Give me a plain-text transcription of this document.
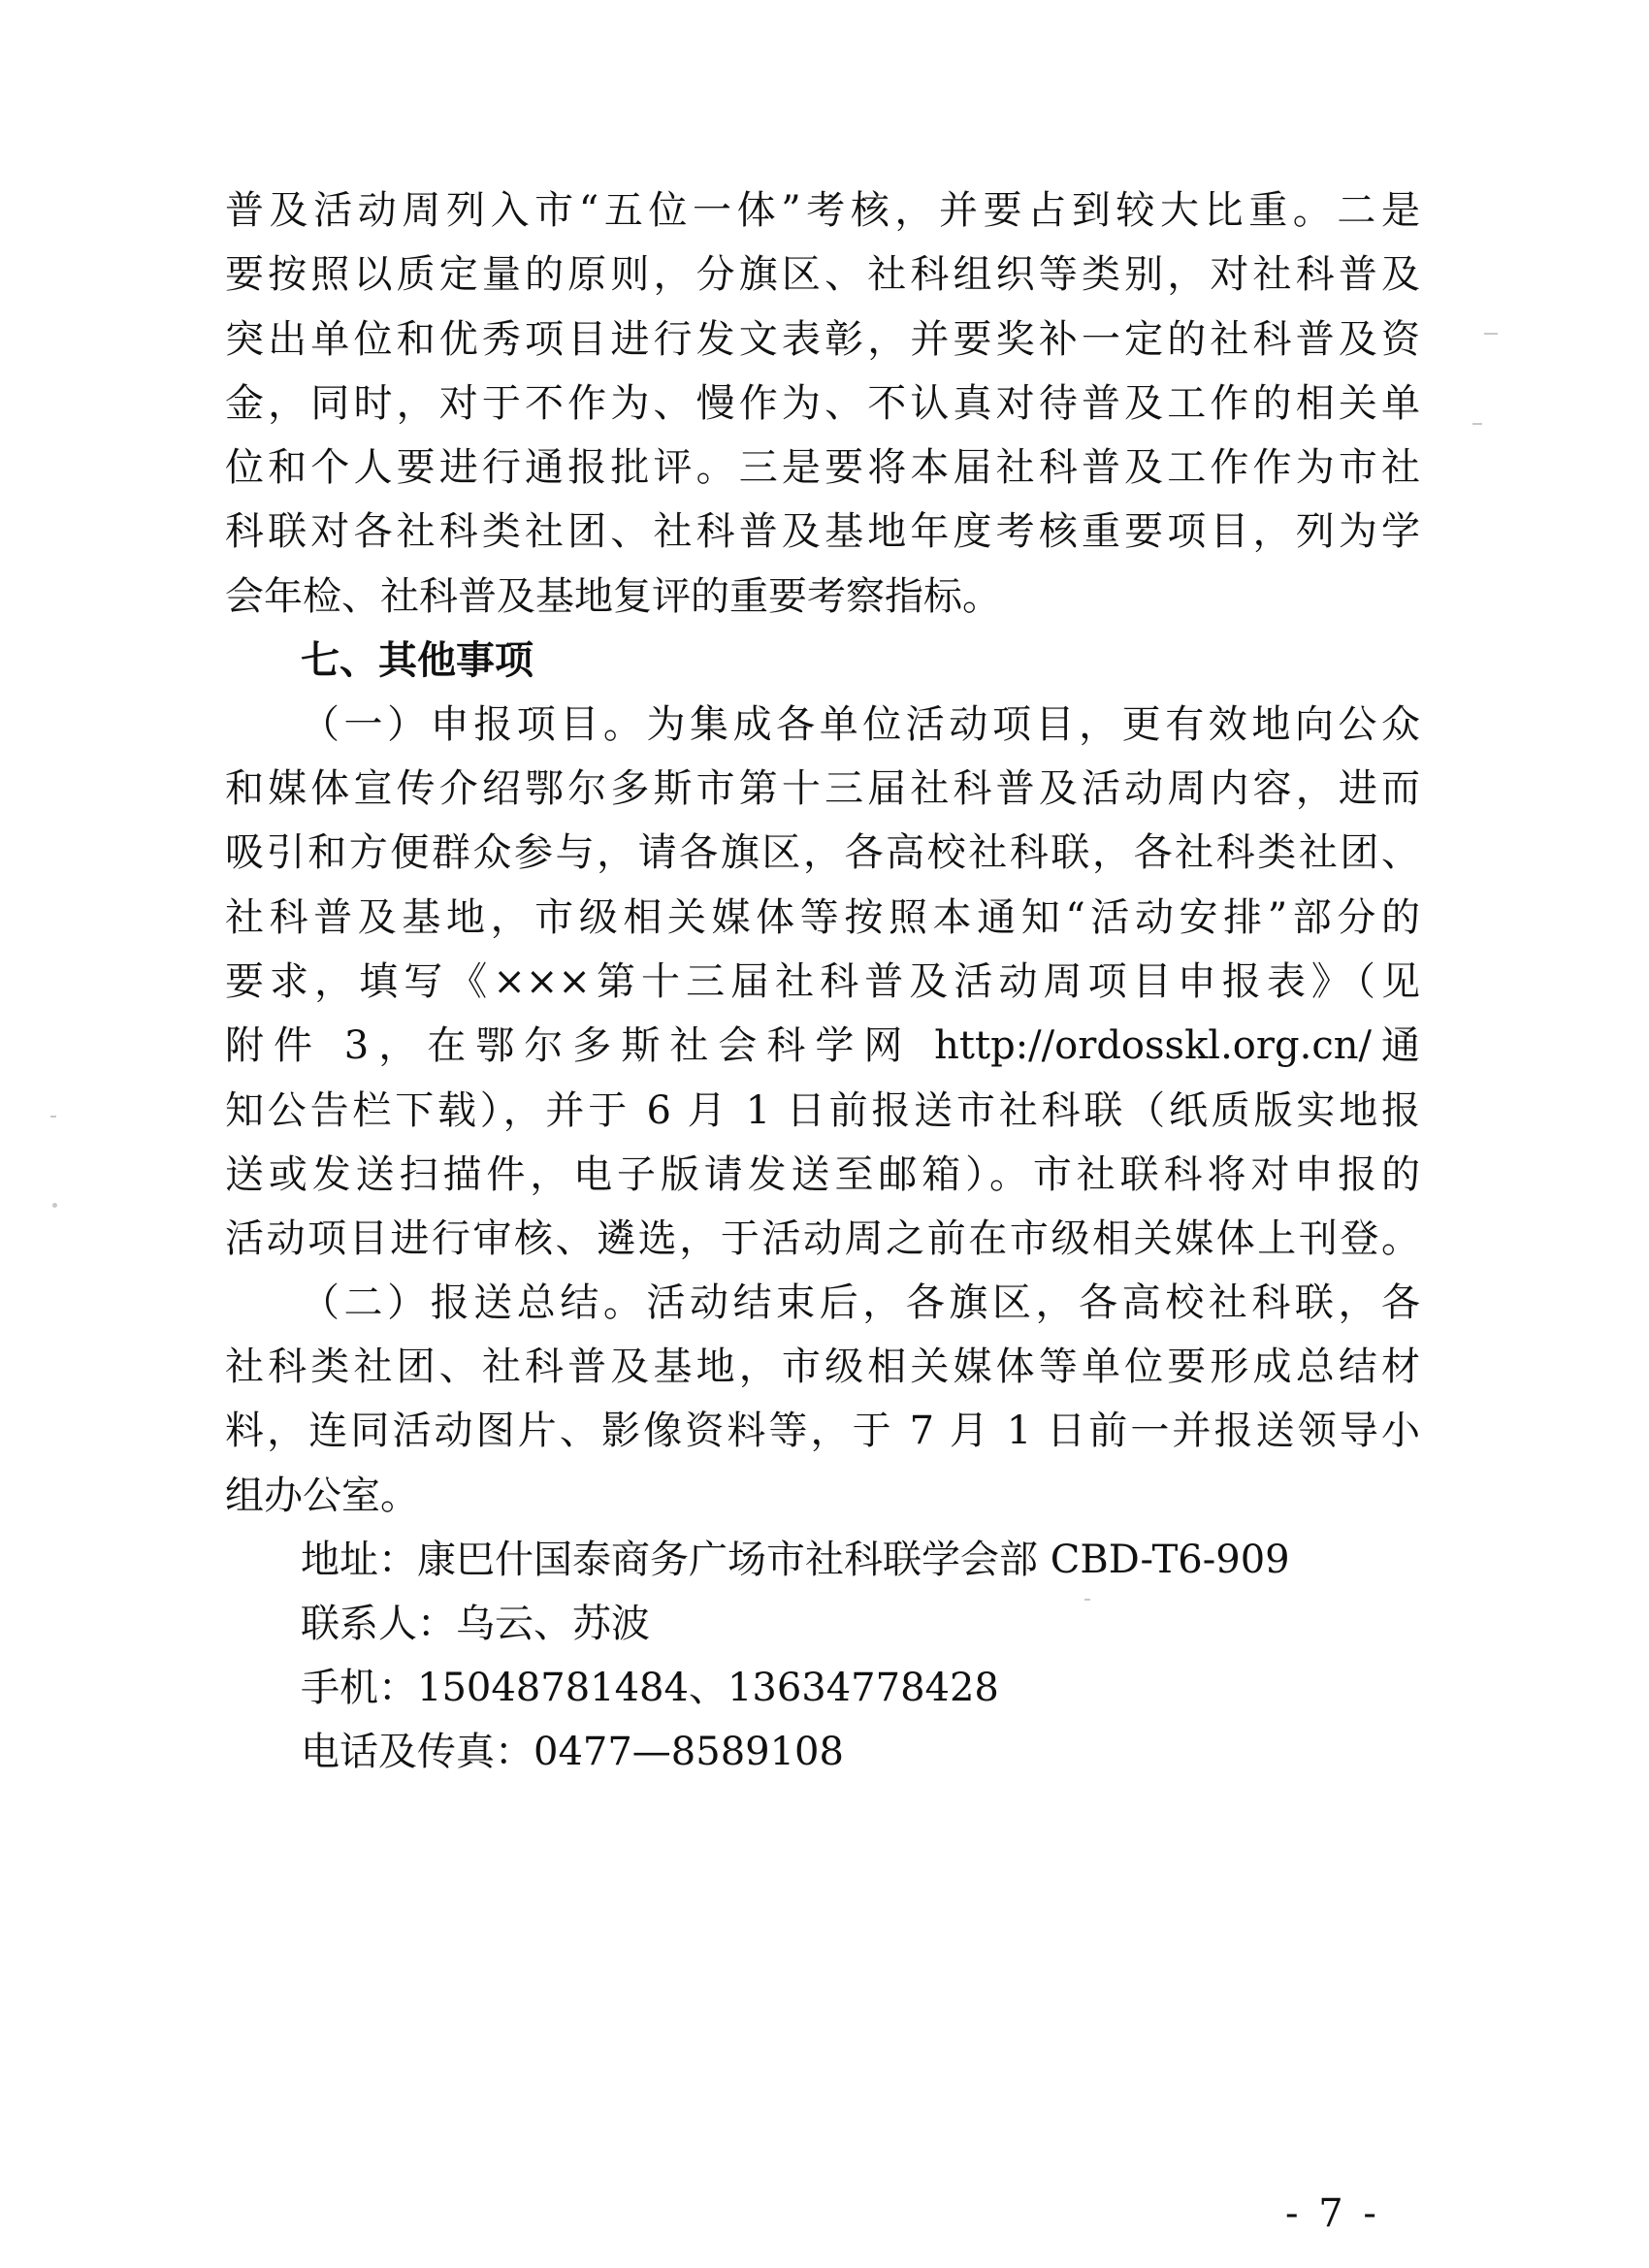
普及活动周列入市“五位一体”考核，并要占到较大比重。二是
要按照以质定量的原则，分旗区、社科组织等类别，对社科普及
突出单位和优秀项目进行发文表彰，并要奖补一定的社科普及资
金，同时，对于不作为、慢作为、不认真对待普及工作的相关单
位和个人要进行通报批评。三是要将本届社科普及工作作为市社
科联对各社科类社团、社科普及基地年度考核重要项目，列为学
会年检、社科普及基地复评的重要考察指标。
七、其他事项
（一）申报项目。为集成各单位活动项目，更有效地向公众
和媒体宣传介绍鄂尔多斯市第十三届社科普及活动周内容，进而
吸引和方便群众参与，请各旗区，各高校社科联，各社科类社团、
社科普及基地，市级相关媒体等按照本通知“活动安排”部分的
要求，填写《×××第十三届社科普及活动周项目申报表》（见
附件 3，在鄂尔多斯社会科学网 http://ordosskl.org.cn/通
知公告栏下载），并于 6 月 1 日前报送市社科联（纸质版实地报
送或发送扫描件，电子版请发送至邮箱）。市社联科将对申报的
活动项目进行审核、遴选，于活动周之前在市级相关媒体上刊登。
（二）报送总结。活动结束后，各旗区，各高校社科联，各
社科类社团、社科普及基地，市级相关媒体等单位要形成总结材
料，连同活动图片、影像资料等，于 7 月 1 日前一并报送领导小
组办公室。
地址：康巴什国泰商务广场市社科联学会部 CBD-T6-909
联系人：乌云、苏波
手机：15048781484、13634778428
电话及传真：0477—8589108
- 7 -
